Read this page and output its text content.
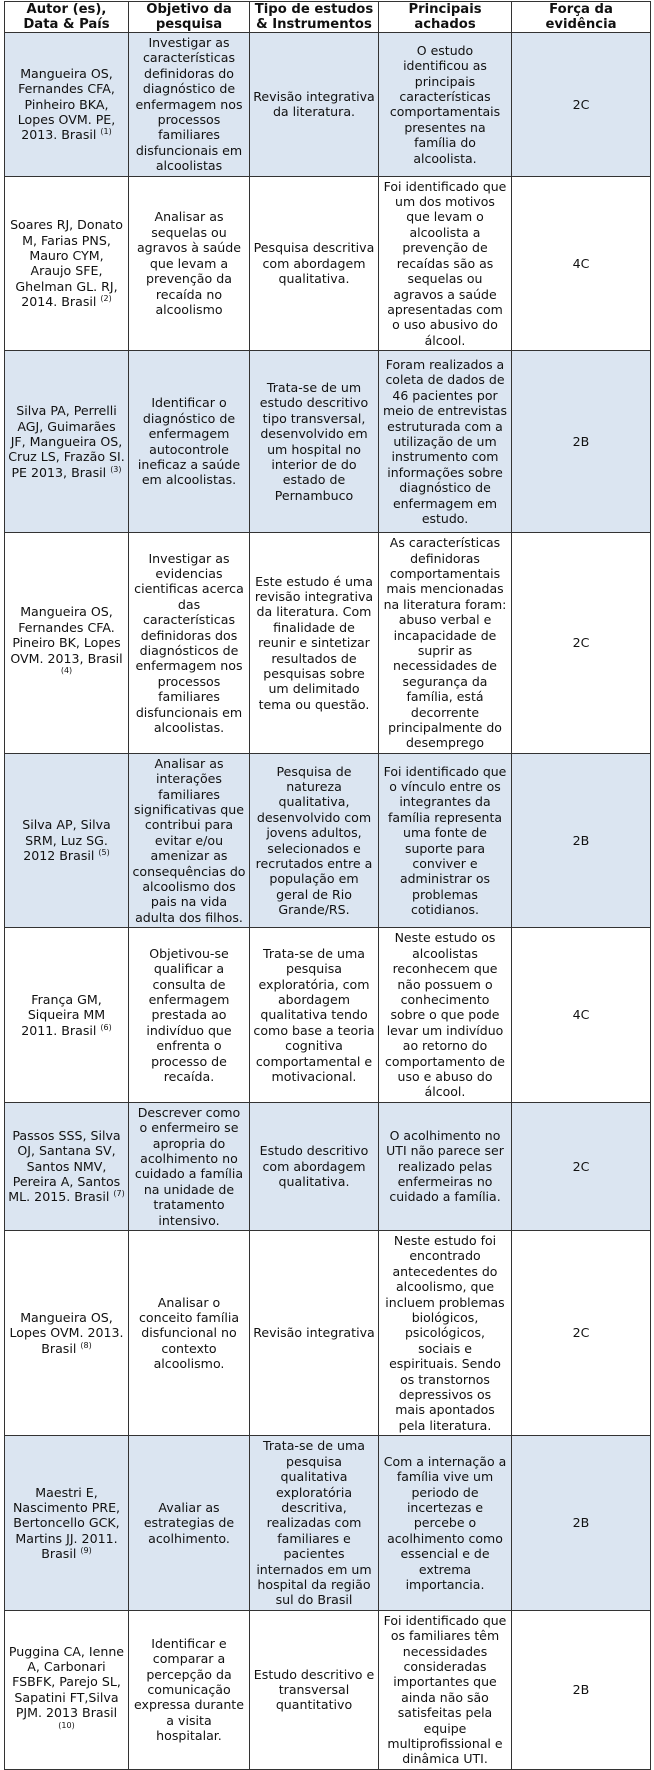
Autor (es), Data & País	Objetivo da pesquisa	Tipo de estudos & Instrumentos	Principais achados	Força da evidência
Mangueira OS, Fernandes CFA, Pinheiro BKA, Lopes OVM. PE, 2013. Brasil $^{(1)}$	Investigar as características definidoras do diagnóstico de enfermagem nos processos familiares disfuncionais em alcoolistas	Revisão integrativa da literatura.	O estudo identificou as principais características comportamentais presentes na família do alcoolista.	2C
Soares RJ, Donato M, Farias PNS, Mauro CYM, Araujo SFE, Ghelman GL. RJ, 2014. Brasil $^{(2)}$	Analisar as sequelas ou agravos à saúde que levam a prevenção da recaída no alcoolismo	Pesquisa descritiva com abordagem qualitativa.	Foi identificado que um dos motivos que levam o alcoolista a prevenção de recaídas são as sequelas ou agravos a saúde apresentadas com o uso abusivo do álcool.	4C
Silva PA, Perrelli AGJ, Guimarães JF, Mangueira OS, Cruz LS, Frazão SI. PE 2013, Brasil $^{(3)}$	Identificar o diagnóstico de enfermagem autocontrole ineficaz a saúde em alcoolistas.	Trata-se de um estudo descritivo tipo transversal, desenvolvido em um hospital no interior de do estado de Pernambuco	Foram realizados a coleta de dados de 46 pacientes por meio de entrevistas estruturada com a utilização de um instrumento com informações sobre diagnóstico de enfermagem em estudo.	2B
Mangueira OS, Fernandes CFA. Pineiro BK, Lopes OVM. 2013, Brasil $^{(4)}$	Investigar as evidencias cientificas acerca das características definidoras dos diagnósticos de enfermagem nos processos familiares disfuncionais em alcoolistas.	Este estudo é uma revisão integrativa da literatura. Com finalidade de reunir e sintetizar resultados de pesquisas sobre um delimitado tema ou questão.	As características definidoras comportamentais mais mencionadas na literatura foram: abuso verbal e incapacidade de suprir as necessidades de segurança da família, está decorrente principalmente do desemprego	2C
Silva AP, Silva SRM, Luz SG. 2012 Brasil $^{(5)}$	Analisar as interações familiares significativas que contribui para evitar e/ou amenizar as consequências do alcoolismo dos pais na vida adulta dos filhos.	Pesquisa de natureza qualitativa, desenvolvido com jovens adultos, selecionados e recrutados entre a população em geral de Rio Grande/RS.	Foi identificado que o vínculo entre os integrantes da família representa uma fonte de suporte para conviver e administrar os problemas cotidianos.	2B
França GM, Siqueira MM 2011. Brasil $^{(6)}$	Objetivou-se qualificar a consulta de enfermagem prestada ao indivíduo que enfrenta o processo de recaída.	Trata-se de uma pesquisa exploratória, com abordagem qualitativa tendo como base a teoria cognitiva comportamental e motivacional.	Neste estudo os alcoolistas reconhecem que não possuem o conhecimento sobre o que pode levar um indivíduo ao retorno do comportamento de uso e abuso do álcool.	4C
Passos SSS, Silva OJ, Santana SV, Santos NMV, Pereira A, Santos ML. 2015. Brasil $^{(7)}$	Descrever como o enfermeiro se apropria do acolhimento no cuidado a família na unidade de tratamento intensivo.	Estudo descritivo com abordagem qualitativa.	O acolhimento no UTI não parece ser realizado pelas enfermeiras no cuidado a família.	2C
Mangueira OS, Lopes OVM. 2013. Brasil $^{(8)}$	Analisar o conceito família disfuncional no contexto alcoolismo.	Revisão integrativa	Neste estudo foi encontrado antecedentes do alcoolismo, que incluem problemas biológicos, psicológicos, sociais e espirituais. Sendo os transtornos depressivos os mais apontados pela literatura.	2C
Maestri E, Nascimento PRE, Bertoncello GCK, Martins JJ. 2011. Brasil $^{(9)}$	Avaliar as estrategias de acolhimento.	Trata-se de uma pesquisa qualitativa exploratória descritiva, realizadas com familiares e pacientes internados em um hospital da região sul do Brasil	Com a internação a família vive um periodo de incertezas e percebe o acolhimento como essencial e de extrema importancia.	2B
Puggina CA, Ienne A, Carbonari FSBFK, Parejo SL, Sapatini FT,Silva PJM. 2013 Brasil $^{(10)}$	Identificar e comparar a percepção da comunicação expressa durante a visita hospitalar.	Estudo descritivo e transversal quantitativo	Foi identificado que os familiares têm necessidades consideradas importantes que ainda não são satisfeitas pela equipe multiprofissional e dinâmica UTI.	2B
